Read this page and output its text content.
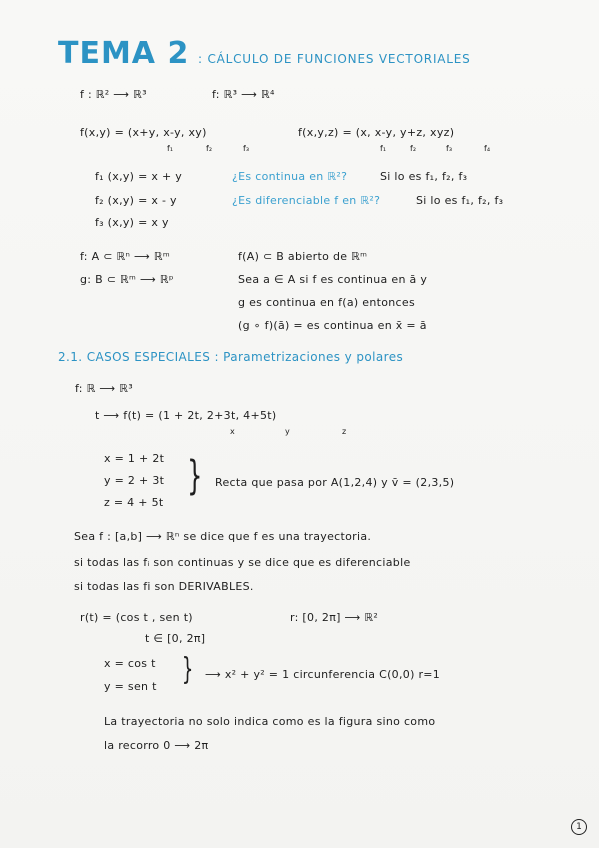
TEMA 2 : CÁLCULO DE FUNCIONES VECTORIALES
f : ℝ² ⟶ ℝ³	f: ℝ³ ⟶ ℝ⁴
f(x,y) = (x+y, x-y, xy)
f₁	f₂	f₃
f(x,y,z) = (x, x-y, y+z, xyz)
f₁	f₂	f₃	f₄
f₁ (x,y) = x + y
f₂ (x,y) = x - y
f₃ (x,y) = x y
¿Es continua en ℝ²?	Si lo es f₁, f₂, f₃
¿Es diferenciable f en ℝ²?	Si lo es f₁, f₂, f₃
f: A ⊂ ℝⁿ ⟶ ℝᵐ
g: B ⊂ ℝᵐ ⟶ ℝᵖ
f(A) ⊂ B abierto de ℝᵐ
Sea a ∈ A si f es continua en ā y
g es continua en f(a) entonces
(g ∘ f)(ā) = es continua en x̄ = ā
2.1. CASOS ESPECIALES : Parametrizaciones y polares
f: ℝ ⟶ ℝ³
t ⟶ f(t) = (1 + 2t, 2+3t, 4+5t)
x	y	z
x = 1 + 2t
y = 2 + 3t
z = 4 + 5t
} Recta que pasa por A(1,2,4) y v̄ = (2,3,5)
Sea f : [a,b] ⟶ ℝⁿ se dice que f es una trayectoria.
si todas las fᵢ son continuas y se dice que es diferenciable
si todas las fi son DERIVABLES.
r(t) = (cos t , sen t)	r: [0, 2π] ⟶ ℝ²
t ∈ [0, 2π]
x = cos t
y = sen t } ⟶ x² + y² = 1 circunferencia C(0,0) r=1
La trayectoria no solo indica como es la figura sino como
la recorro 0 ⟶ 2π
1
